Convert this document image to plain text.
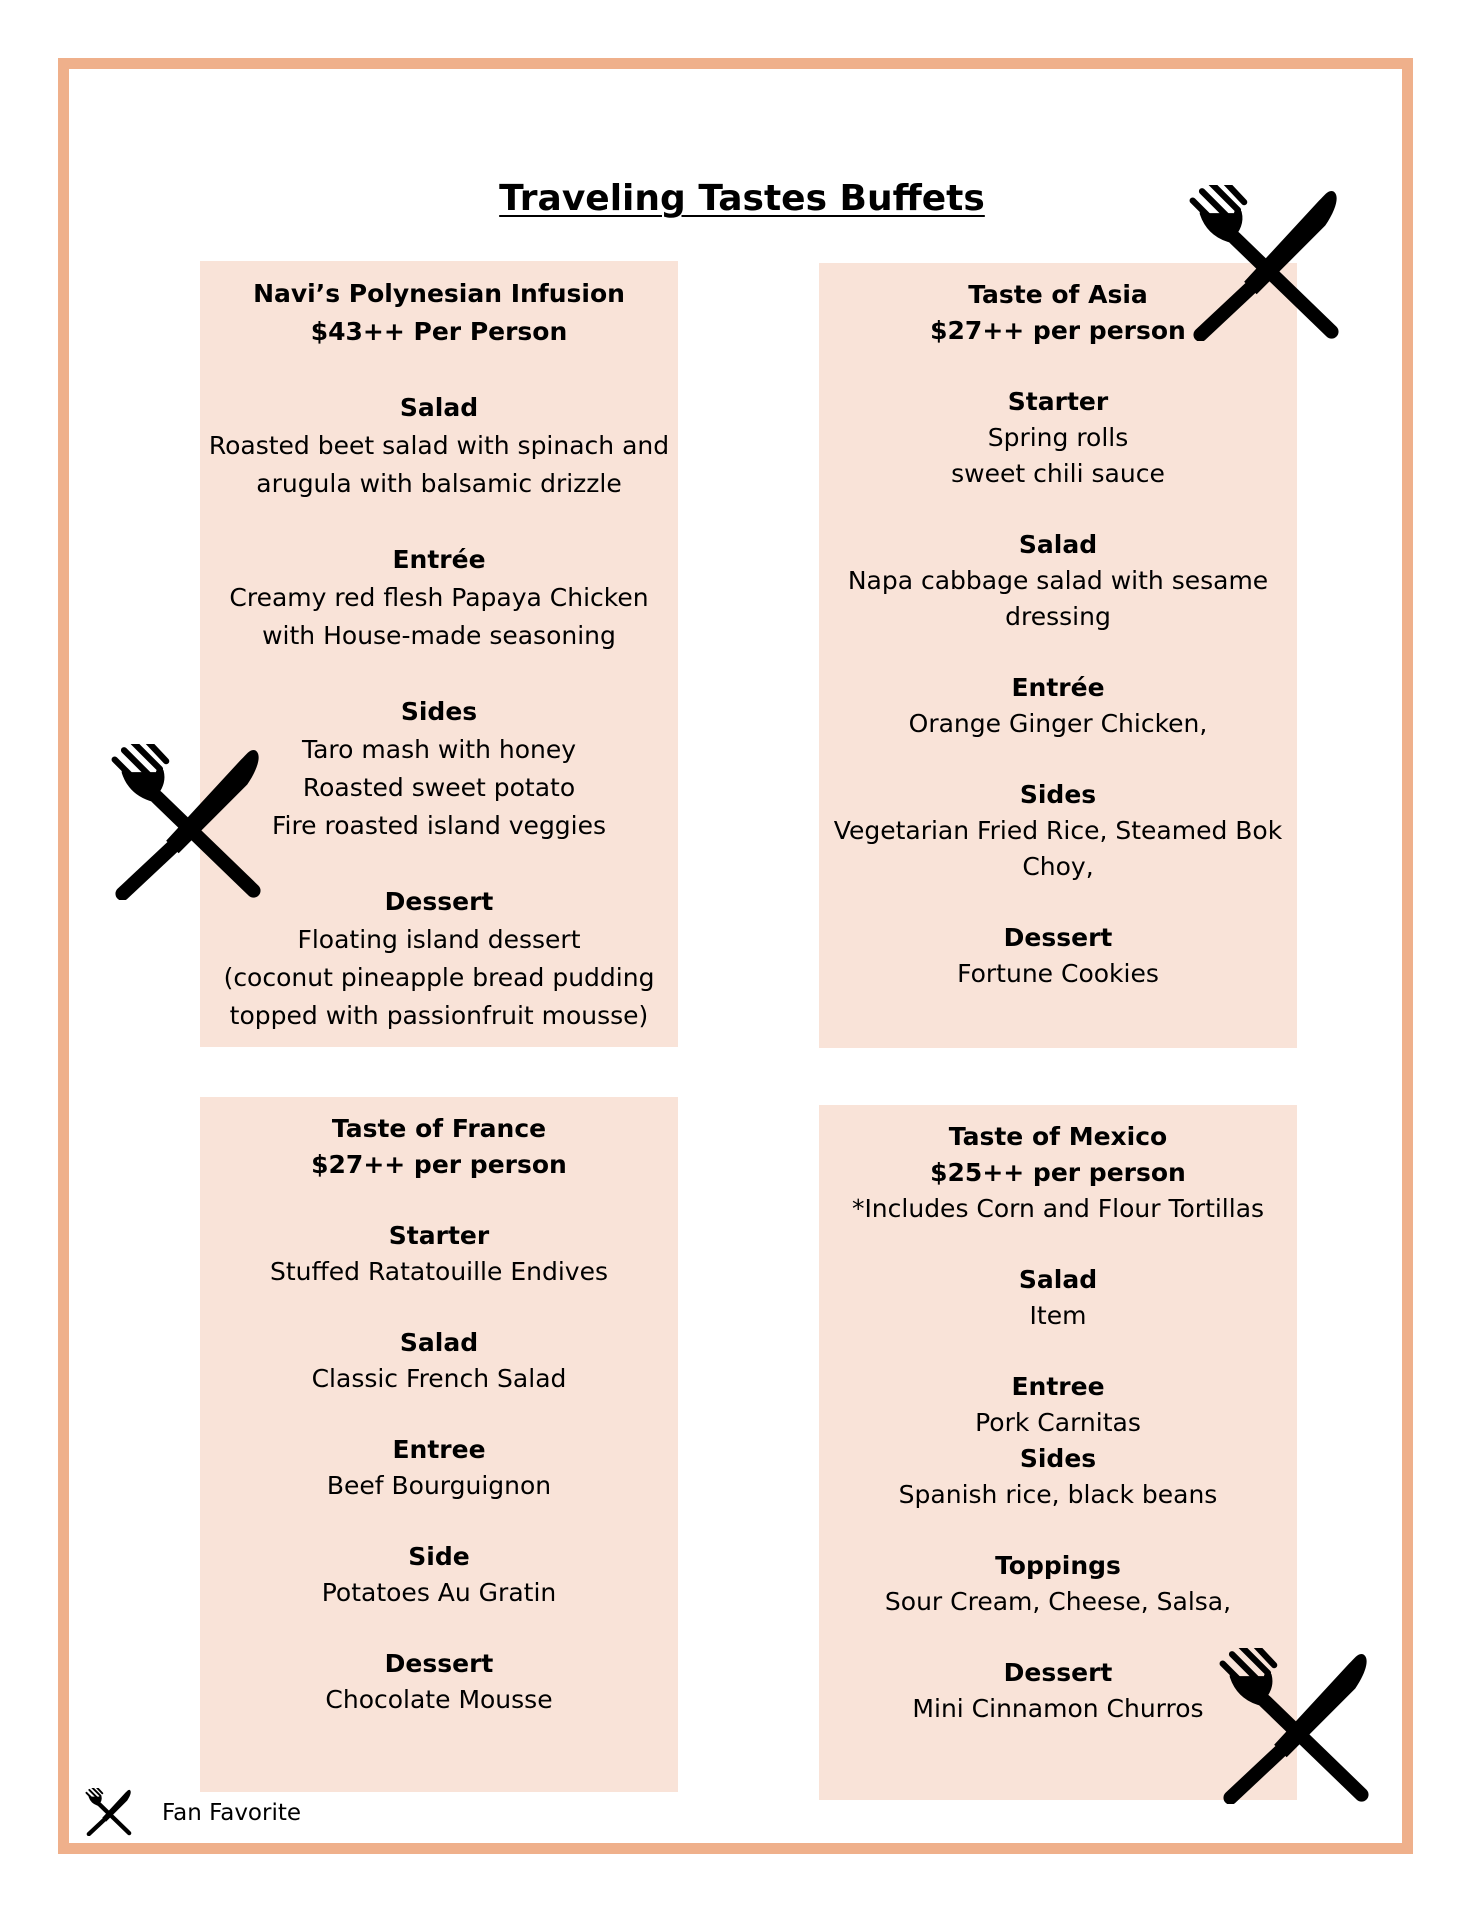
Traveling Tastes Buffets
Navi’s Polynesian Infusion
$43++ Per Person
Salad
Roasted beet salad with spinach and
arugula with balsamic drizzle
Entrée
Creamy red flesh Papaya Chicken
with House-made seasoning
Sides
Taro mash with honey
Roasted sweet potato
Fire roasted island veggies
Dessert
Floating island dessert
(coconut pineapple bread pudding
topped with passionfruit mousse)
Taste of Asia
$27++ per person
Starter
Spring rolls
sweet chili sauce
Salad
Napa cabbage salad with sesame
dressing
Entrée
Orange Ginger Chicken,
Sides
Vegetarian Fried Rice, Steamed Bok
Choy,
Dessert
Fortune Cookies
Taste of France
$27++ per person
Starter
Stuffed Ratatouille Endives
Salad
Classic French Salad
Entree
Beef Bourguignon
Side
Potatoes Au Gratin
Dessert
Chocolate Mousse
Taste of Mexico
$25++ per person
*Includes Corn and Flour Tortillas
Salad
Item
Entree
Pork Carnitas
Sides
Spanish rice, black beans
Toppings
Sour Cream, Cheese, Salsa,
Dessert
Mini Cinnamon Churros
Fan Favorite
